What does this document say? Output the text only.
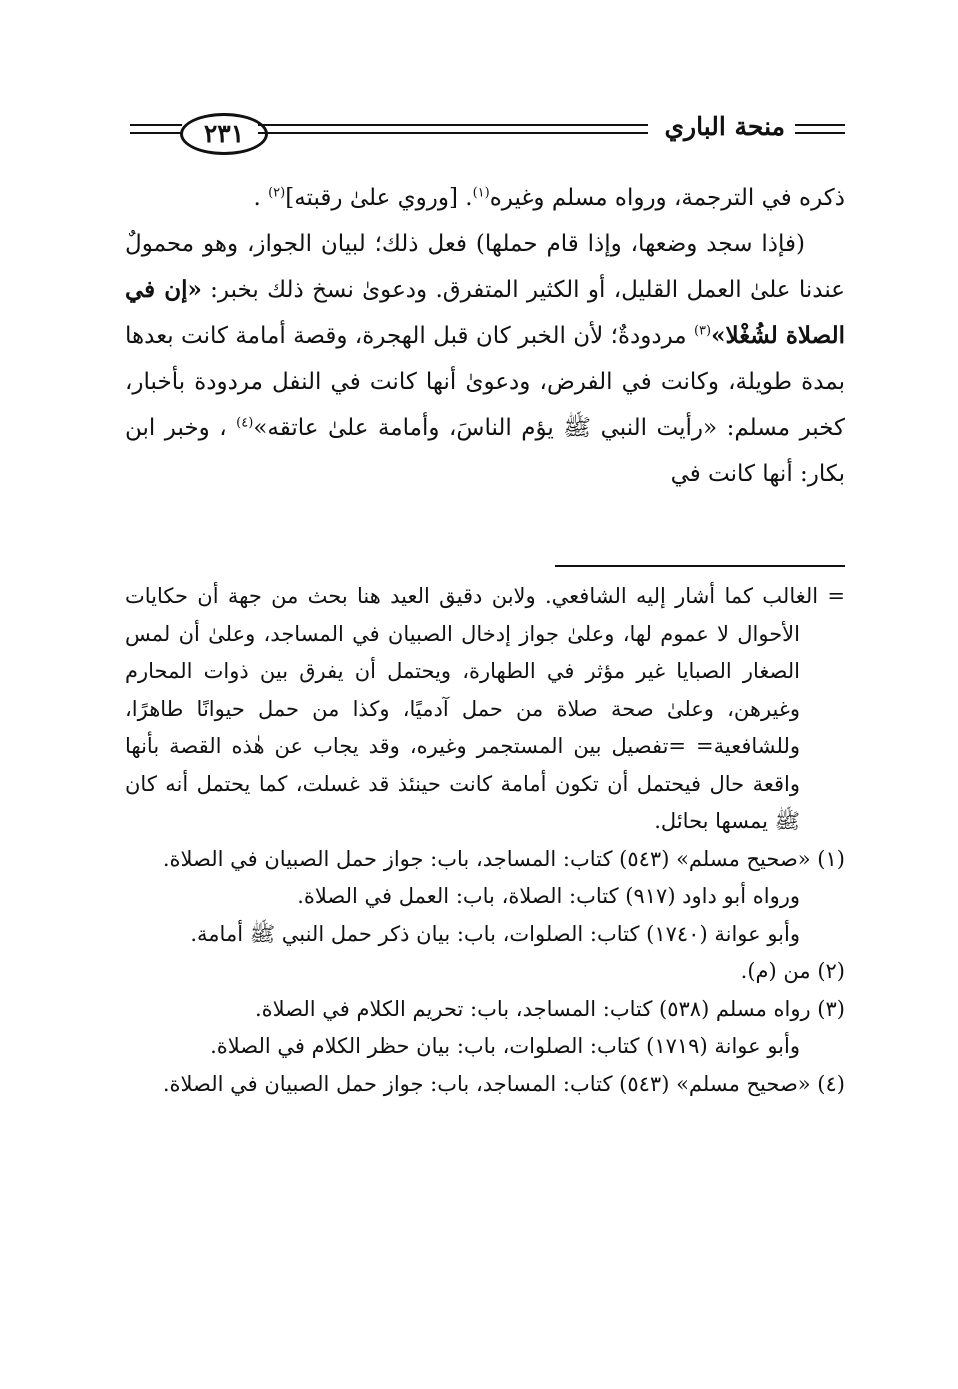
منحة الباري
٢٣١

ذكره في الترجمة، ورواه مسلم وغيره$^{(١)}$. [وروي علىٰ رقبته]$^{(٢)}$ .

(فإذا سجد وضعها، وإذا قام حملها) فعل ذلك؛ لبيان الجواز، وهو محمولٌ عندنا علىٰ العمل القليل، أو الكثير المتفرق. ودعوىٰ نسخ ذلك بخبر: «إن في الصلاة لشُغْلا»$^{(٣)}$ مردودةٌ؛ لأن الخبر كان قبل الهجرة، وقصة أمامة كانت بعدها بمدة طويلة، وكانت في الفرض، ودعوىٰ أنها كانت في النفل مردودة بأخبار، كخبر مسلم: «رأيت النبي ﷺ يؤم الناسَ، وأمامة علىٰ عاتقه»$^{(٤)}$ ، وخبر ابن بكار: أنها كانت في

= الغالب كما أشار إليه الشافعي. ولابن دقيق العيد هنا بحث من جهة أن حكايات الأحوال لا عموم لها، وعلىٰ جواز إدخال الصبيان في المساجد، وعلىٰ أن لمس الصغار الصبايا غير مؤثر في الطهارة، ويحتمل أن يفرق بين ذوات المحارم وغيرهن، وعلىٰ صحة صلاة من حمل آدميًا، وكذا من حمل حيوانًا طاهرًا، وللشافعية= =تفصيل بين المستجمر وغيره، وقد يجاب عن هٰذه القصة بأنها واقعة حال فيحتمل أن تكون أمامة كانت حينئذ قد غسلت، كما يحتمل أنه كان ﷺ يمسها بحائل.

(١) «صحيح مسلم» (٥٤٣) كتاب: المساجد، باب: جواز حمل الصبيان في الصلاة.

ورواه أبو داود (٩١٧) كتاب: الصلاة، باب: العمل في الصلاة.

وأبو عوانة (١٧٤٠) كتاب: الصلوات، باب: بيان ذكر حمل النبي ﷺ أمامة.

(٢) من (م).

(٣) رواه مسلم (٥٣٨) كتاب: المساجد، باب: تحريم الكلام في الصلاة.

وأبو عوانة (١٧١٩) كتاب: الصلوات، باب: بيان حظر الكلام في الصلاة.

(٤) «صحيح مسلم» (٥٤٣) كتاب: المساجد، باب: جواز حمل الصبيان في الصلاة.
